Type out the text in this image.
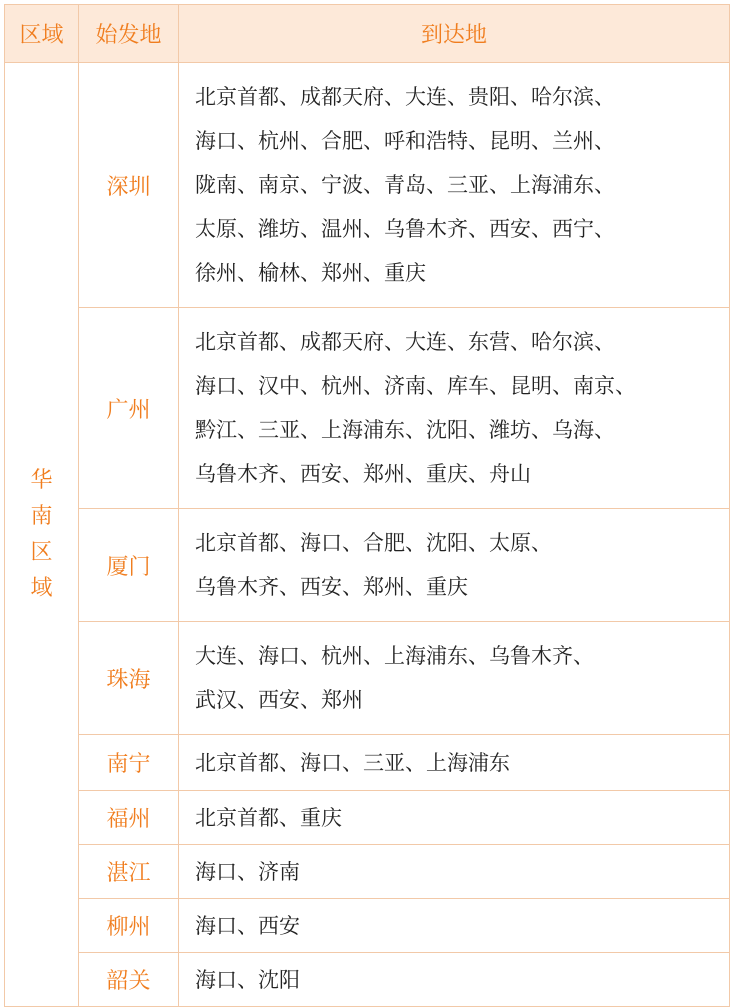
区域	始发地	到达地

华
南
区
域	深圳	北京首都、成都天府、大连、贵阳、哈尔滨、
海口、杭州、合肥、呼和浩特、昆明、兰州、
陇南、南京、宁波、青岛、三亚、上海浦东、
太原、潍坊、温州、乌鲁木齐、西安、西宁、
徐州、榆林、郑州、重庆

	广州	北京首都、成都天府、大连、东营、哈尔滨、
海口、汉中、杭州、济南、库车、昆明、南京、
黔江、三亚、上海浦东、沈阳、潍坊、乌海、
乌鲁木齐、西安、郑州、重庆、舟山

	厦门	北京首都、海口、合肥、沈阳、太原、
乌鲁木齐、西安、郑州、重庆

	珠海	大连、海口、杭州、上海浦东、乌鲁木齐、
武汉、西安、郑州

	南宁	北京首都、海口、三亚、上海浦东

	福州	北京首都、重庆

	湛江	海口、济南

	柳州	海口、西安

	韶关	海口、沈阳
